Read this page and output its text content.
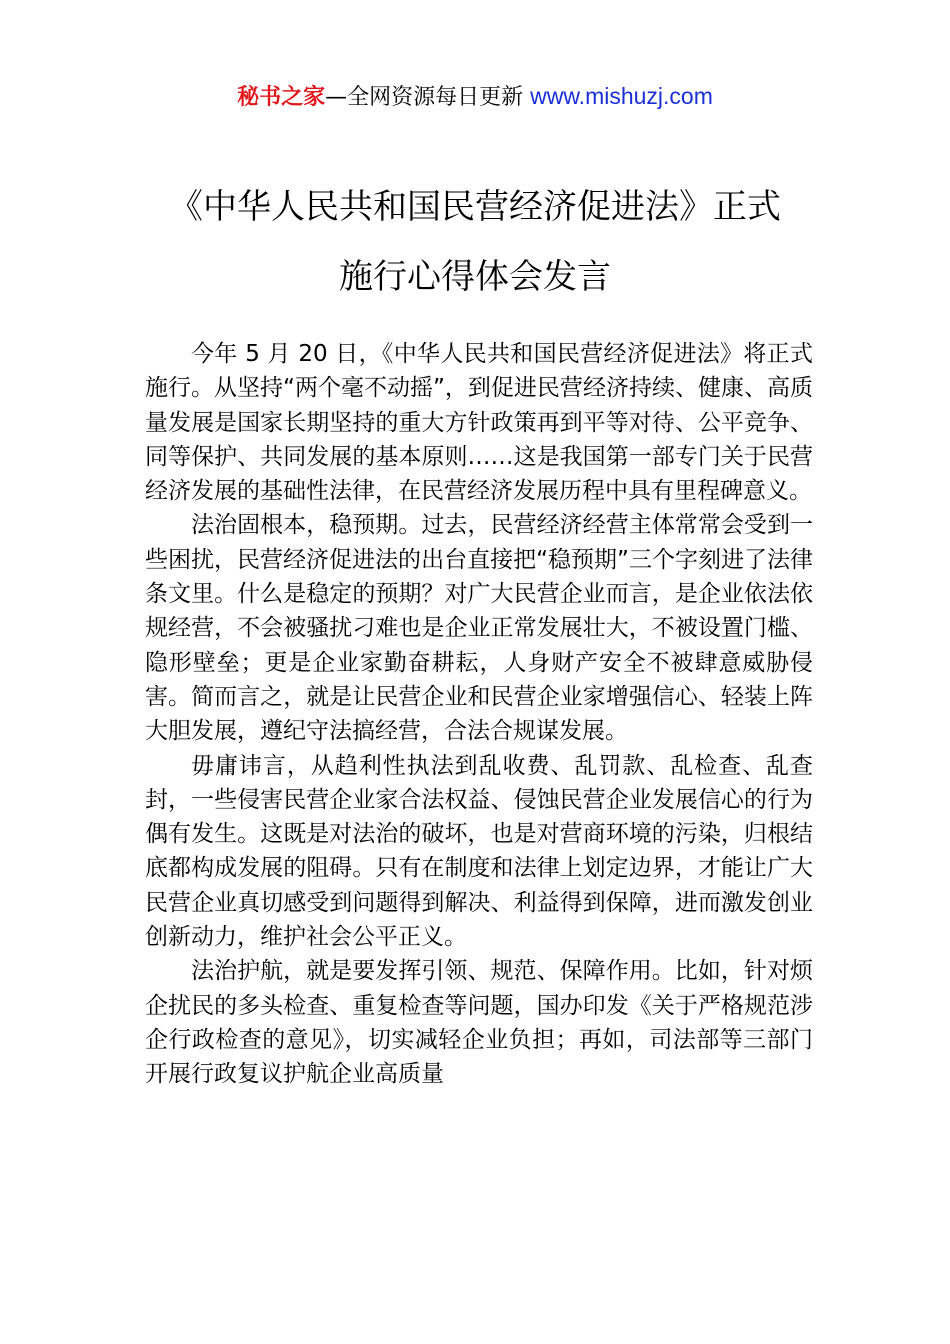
秘书之家—全网资源每日更新 www.mishuzj.com
《中华人民共和国民营经济促进法》正式
施行心得体会发言

今年 5 月 20 日，《中华人民共和国民营经济促进法》将正式施行。从坚持“两个毫不动摇”，到促进民营经济持续、健康、高质量发展是国家长期坚持的重大方针政策再到平等对待、公平竞争、同等保护、共同发展的基本原则……这是我国第一部专门关于民营经济发展的基础性法律，在民营经济发展历程中具有里程碑意义。

法治固根本，稳预期。过去，民营经济经营主体常常会受到一些困扰，民营经济促进法的出台直接把“稳预期”三个字刻进了法律条文里。什么是稳定的预期？对广大民营企业而言，是企业依法依规经营，不会被骚扰刁难也是企业正常发展壮大，不被设置门槛、隐形壁垒；更是企业家勤奋耕耘，人身财产安全不被肆意威胁侵害。简而言之，就是让民营企业和民营企业家增强信心、轻装上阵大胆发展，遵纪守法搞经营，合法合规谋发展。

毋庸讳言，从趋利性执法到乱收费、乱罚款、乱检查、乱查封，一些侵害民营企业家合法权益、侵蚀民营企业发展信心的行为偶有发生。这既是对法治的破坏，也是对营商环境的污染，归根结底都构成发展的阻碍。只有在制度和法律上划定边界，才能让广大民营企业真切感受到问题得到解决、利益得到保障，进而激发创业创新动力，维护社会公平正义。

法治护航，就是要发挥引领、规范、保障作用。比如，针对烦企扰民的多头检查、重复检查等问题，国办印发《关于严格规范涉企行政检查的意见》，切实减轻企业负担；再如，司法部等三部门开展行政复议护航企业高质量
